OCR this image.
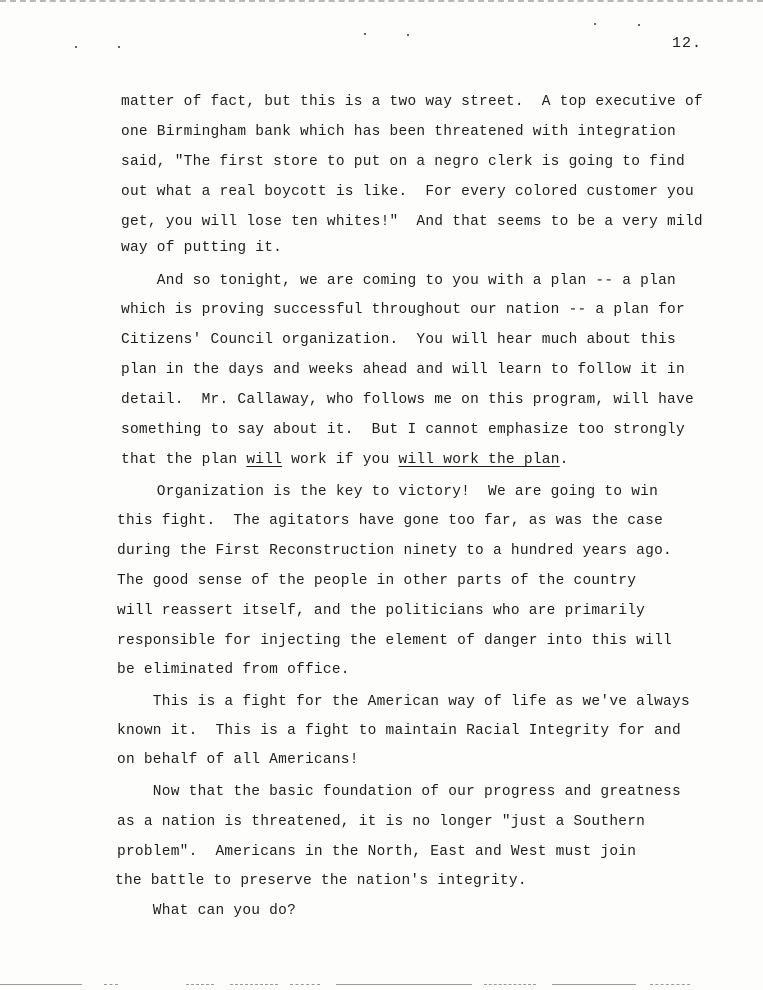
12.
matter of fact, but this is a two way street.  A top executive of
one Birmingham bank which has been threatened with integration
said, "The first store to put on a negro clerk is going to find
out what a real boycott is like.  For every colored customer you
get, you will lose ten whites!"  And that seems to be a very mild
way of putting it.
And so tonight, we are coming to you with a plan -- a plan
which is proving successful throughout our nation -- a plan for
Citizens' Council organization.  You will hear much about this
plan in the days and weeks ahead and will learn to follow it in
detail.  Mr. Callaway, who follows me on this program, will have
something to say about it.  But I cannot emphasize too strongly
that the plan will work if you will work the plan.
Organization is the key to victory!  We are going to win
this fight.  The agitators have gone too far, as was the case
during the First Reconstruction ninety to a hundred years ago.
The good sense of the people in other parts of the country
will reassert itself, and the politicians who are primarily
responsible for injecting the element of danger into this will
be eliminated from office.
This is a fight for the American way of life as we've always
known it.  This is a fight to maintain Racial Integrity for and
on behalf of all Americans!
Now that the basic foundation of our progress and greatness
as a nation is threatened, it is no longer "just a Southern
problem".  Americans in the North, East and West must join
the battle to preserve the nation's integrity.
What can you do?
